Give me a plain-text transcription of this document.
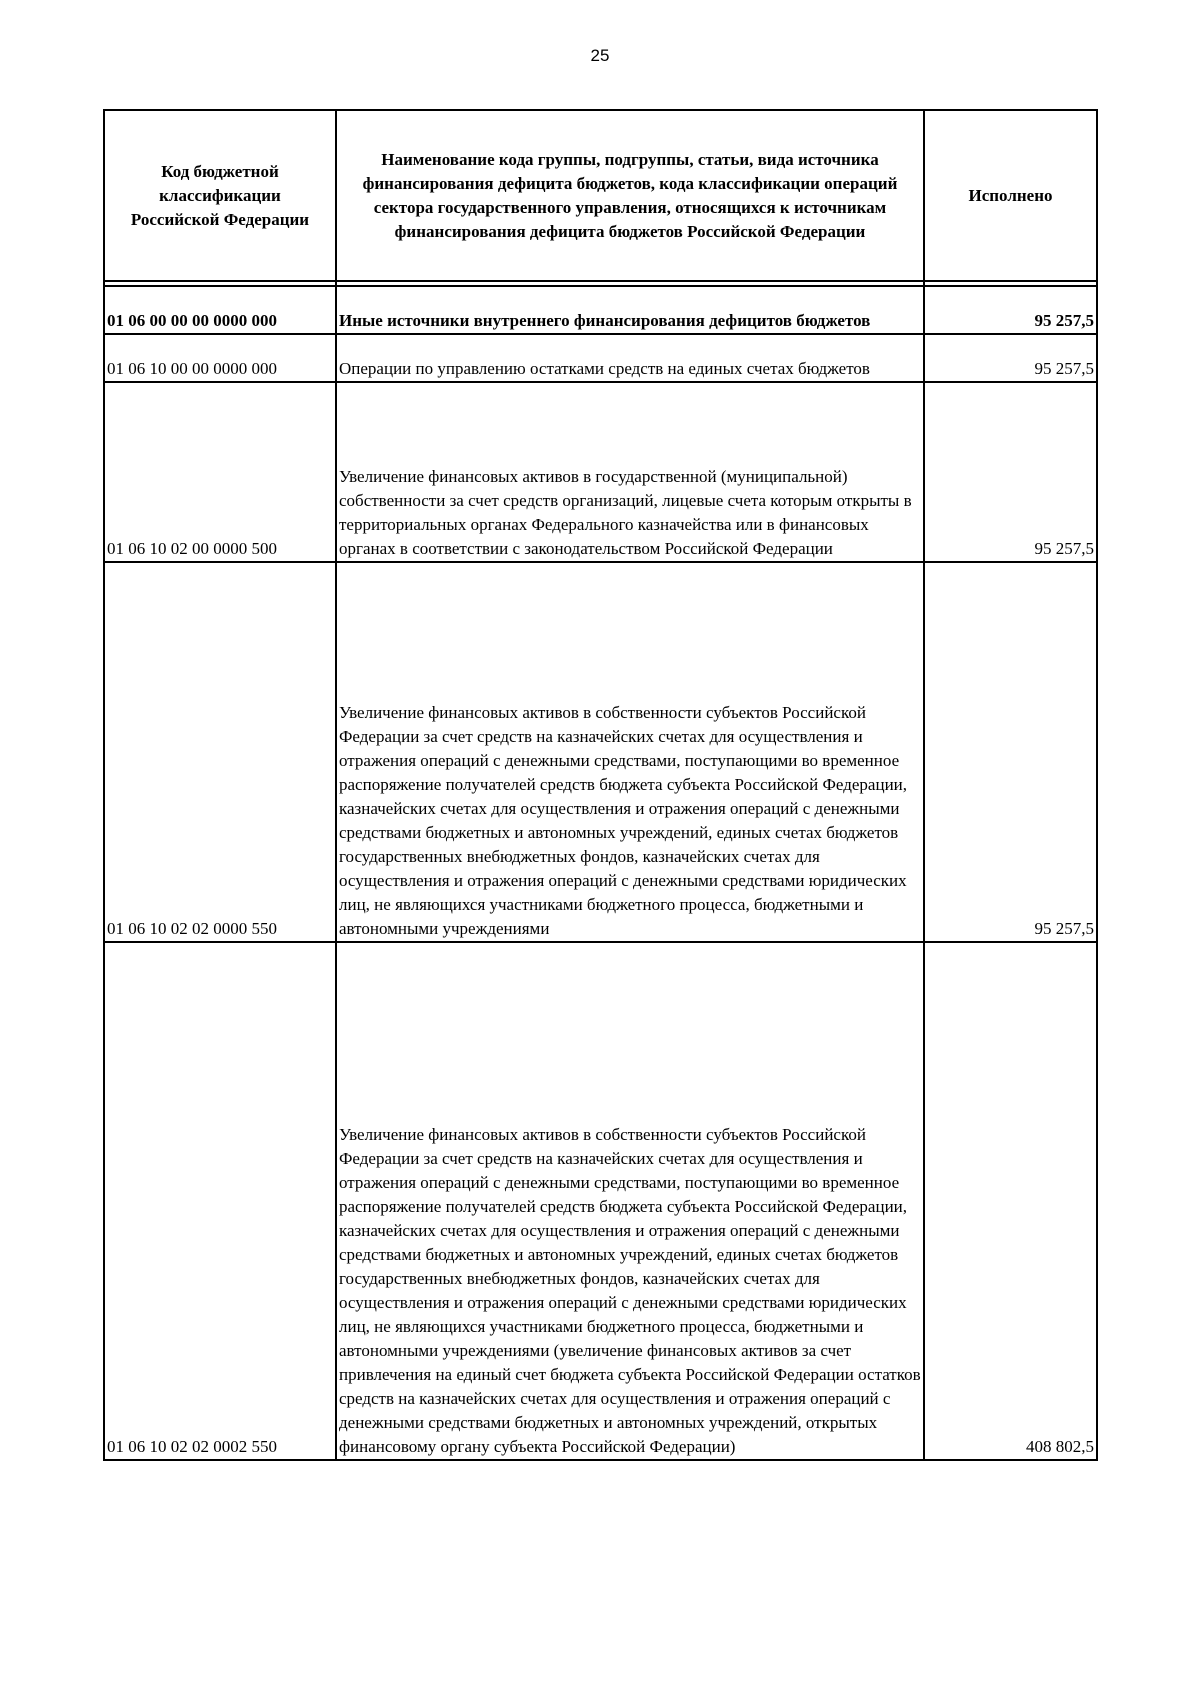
25
Код бюджетной классификации Российской Федерации	Наименование кода группы, подгруппы, статьи, вида источника финансирования дефицита бюджетов, кода классификации операций сектора государственного управления, относящихся к источникам финансирования дефицита бюджетов Российской Федерации	Исполнено

01 06 00 00 00 0000 000	Иные источники внутреннего финансирования дефицитов бюджетов	95 257,5
01 06 10 00 00 0000 000	Операции по управлению остатками средств на единых счетах бюджетов	95 257,5
01 06 10 02 00 0000 500	Увеличение финансовых активов в государственной (муниципальной) собственности за счет средств организаций, лицевые счета которым открыты в территориальных органах Федерального казначейства или в финансовых органах в соответствии с законодательством Российской Федерации	95 257,5
01 06 10 02 02 0000 550	Увеличение финансовых активов в собственности субъектов Российской Федерации за счет средств на казначейских счетах для осуществления и отражения операций с денежными средствами, поступающими во временное распоряжение получателей средств бюджета субъекта Российской Федерации, казначейских счетах для осуществления и отражения операций с денежными средствами бюджетных и автономных учреждений, единых счетах бюджетов государственных внебюджетных фондов, казначейских счетах для осуществления и отражения операций с денежными средствами юридических лиц, не являющихся участниками бюджетного процесса, бюджетными и автономными учреждениями	95 257,5
01 06 10 02 02 0002 550	Увеличение финансовых активов в собственности субъектов Российской Федерации за счет средств на казначейских счетах для осуществления и отражения операций с денежными средствами, поступающими во временное распоряжение получателей средств бюджета субъекта Российской Федерации, казначейских счетах для осуществления и отражения операций с денежными средствами бюджетных и автономных учреждений, единых счетах бюджетов государственных внебюджетных фондов, казначейских счетах для осуществления и отражения операций с денежными средствами юридических лиц, не являющихся участниками бюджетного процесса, бюджетными и автономными учреждениями (увеличение финансовых активов за счет привлечения на единый счет бюджета субъекта Российской Федерации остатков средств на казначейских счетах для осуществления и отражения операций с денежными средствами бюджетных и автономных учреждений, открытых финансовому органу субъекта Российской Федерации)	408 802,5
